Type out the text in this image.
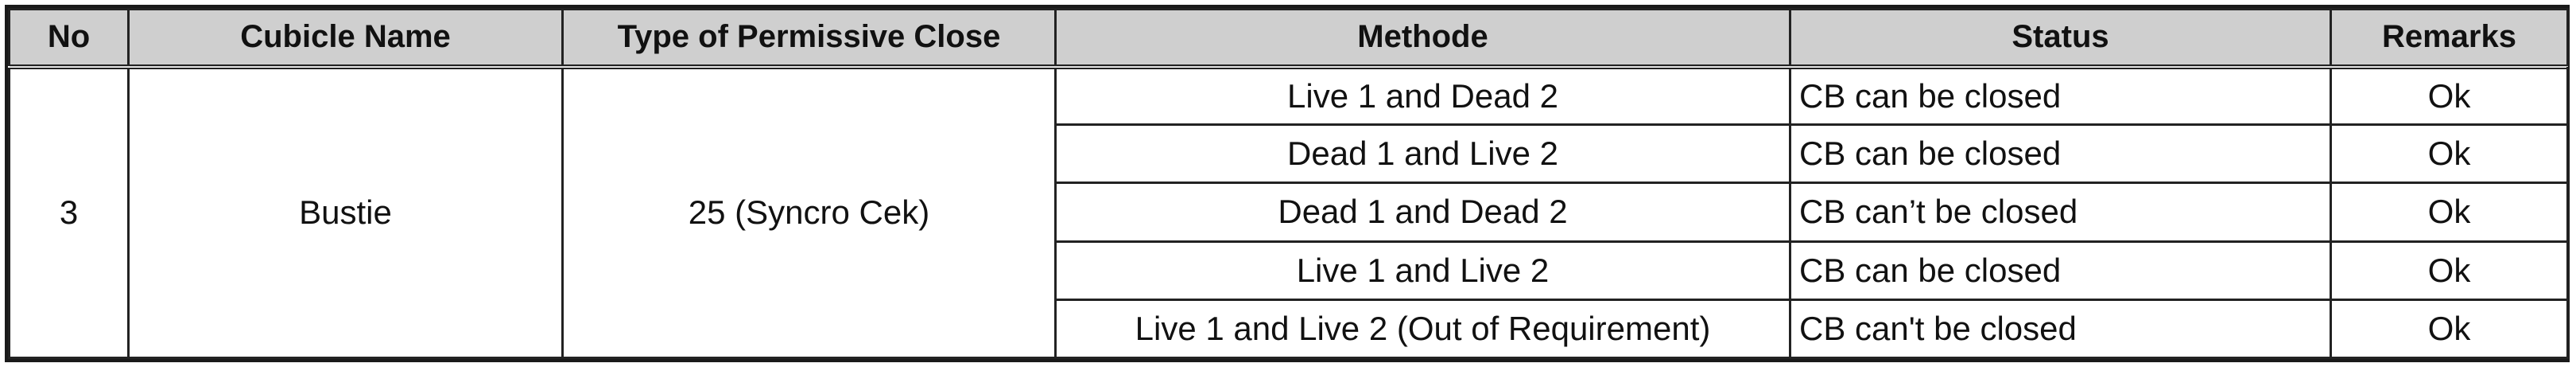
No	Cubicle Name	Type of Permissive Close	Methode	Status	Remarks
3	Bustie	25 (Syncro Cek)	Live 1 and Dead 2	CB can be closed	Ok
			Dead 1 and Live 2	CB can be closed	Ok
			Dead 1 and Dead 2	CB can’t be closed	Ok
			Live 1 and Live 2	CB can be closed	Ok
			Live 1 and Live 2 (Out of Requirement)	CB can't be closed	Ok
